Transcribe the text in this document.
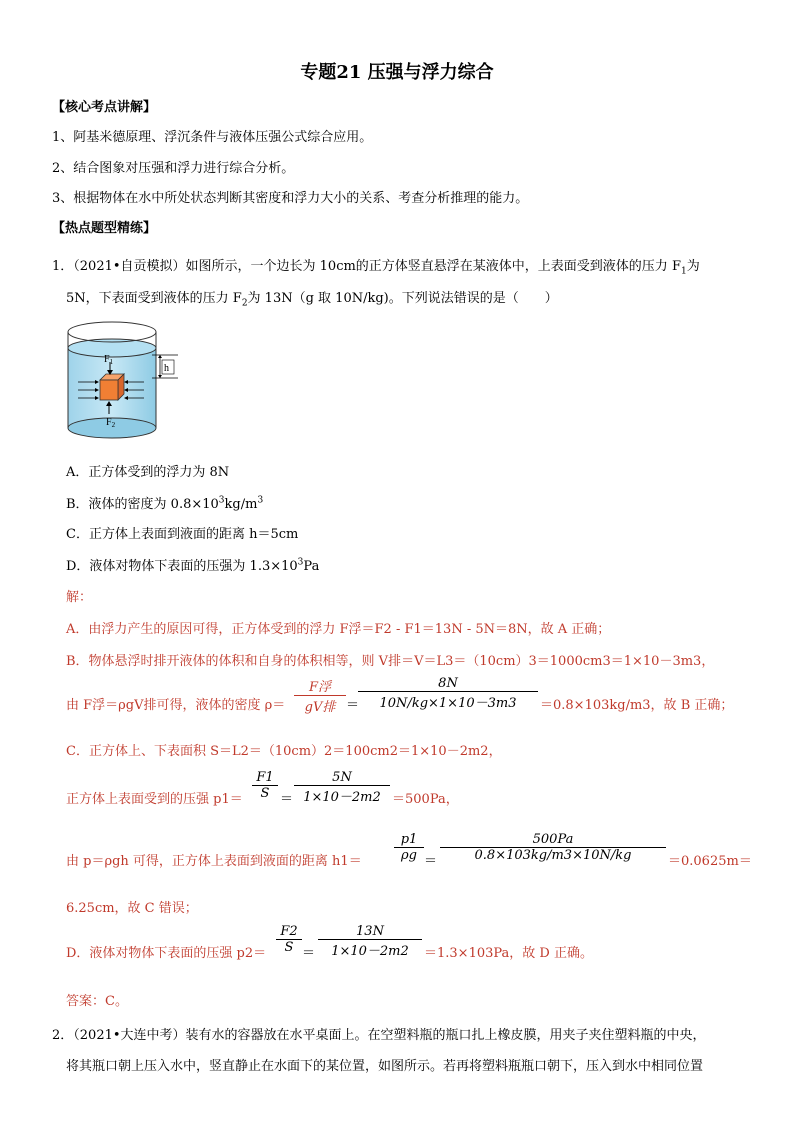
专题21 压强与浮力综合
【核心考点讲解】
1、阿基米德原理、浮沉条件与液体压强公式综合应用。
2、结合图象对压强和浮力进行综合分析。
3、根据物体在水中所处状态判断其密度和浮力大小的关系、考查分析推理的能力。
【热点题型精练】
1．（2021•自贡模拟）如图所示，一个边长为 10cm的正方体竖直悬浮在某液体中，上表面受到液体的压力 $F_1$为
5N，下表面受到液体的压力 $F_2$为 13N（g 取 10N/kg)。下列说法错误的是（　　）
$F_1$
$F_2$
h
A．正方体受到的浮力为 8N
B．液体的密度为 $0.8\times 10^3kg/m^3$
C．正方体上表面到液面的距离 h＝5cm
D．液体对物体下表面的压强为 $1.3\times 10^3Pa$
解：
A．由浮力产生的原因可得，正方体受到的浮力 F浮＝F2 - F1＝13N - 5N＝8N，故 A 正确；
B．物体悬浮时排开液体的体积和自身的体积相等，则 V排＝V＝L3＝（10cm）3＝1000cm3＝1×10－3m3，
由 F浮＝ρgV排可得，液体的密度 ρ＝
F浮
gV排 ＝
8N
10N/kg×1×10－3m3	＝0.8×103kg/m3，故 B 正确；
C．正方体上、下表面积 S＝L2＝（10cm）2＝100cm2＝1×10－2m2，
正方体上表面受到的压强 p1＝
F1
S ＝
5N
1×10－2m2 ＝500Pa，
由 p＝ρgh 可得，正方体上表面到液面的距离 h1＝
p1
ρg ＝
500Pa
0.8×103kg/m3×10N/kg	＝0.0625m＝
6.25cm，故 C 错误；
D．液体对物体下表面的压强 p2＝
F2
S ＝
13N
1×10－2m2	＝1.3×103Pa，故 D 正确。
答案：C。
2．（2021•大连中考）装有水的容器放在水平桌面上。在空塑料瓶的瓶口扎上橡皮膜，用夹子夹住塑料瓶的中央，
将其瓶口朝上压入水中，竖直静止在水面下的某位置，如图所示。若再将塑料瓶瓶口朝下，压入到水中相同位置
